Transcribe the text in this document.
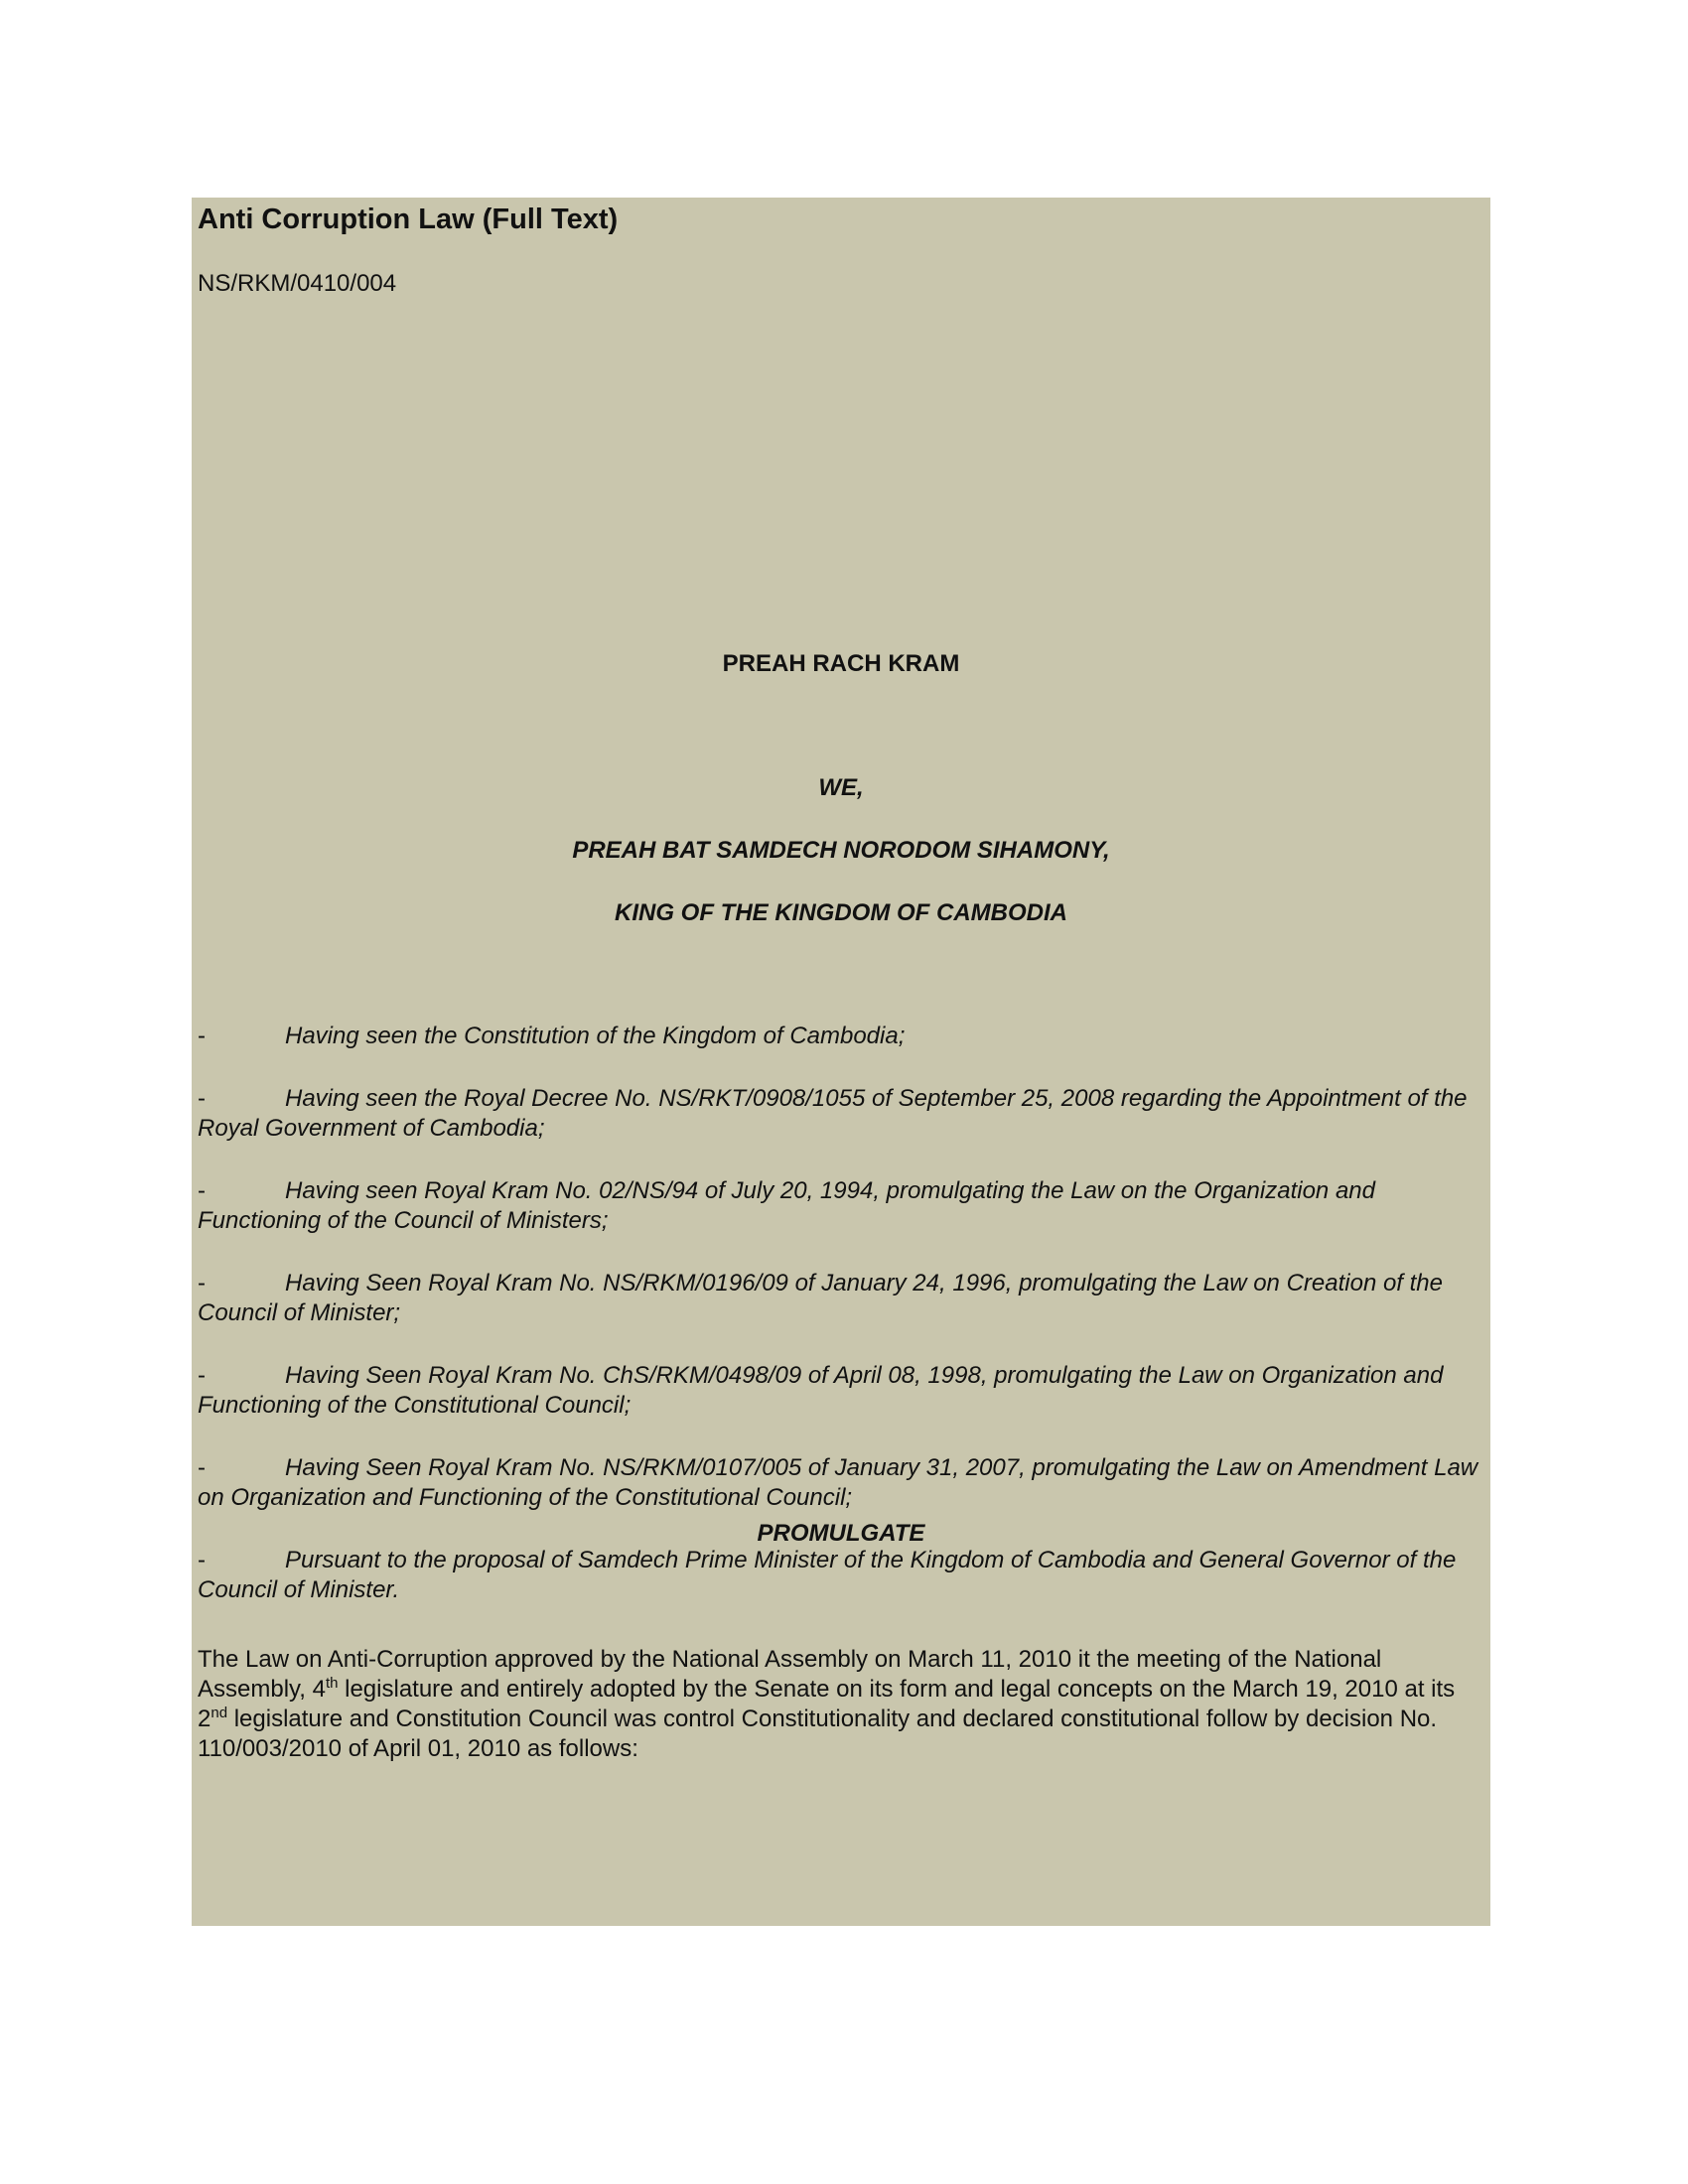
Anti Corruption Law (Full Text)
NS/RKM/0410/004
PREAH RACH KRAM
WE,
PREAH BAT SAMDECH NORODOM SIHAMONY,
KING OF THE KINGDOM OF CAMBODIA
-	Having seen the Constitution of the Kingdom of Cambodia;
-	Having seen the Royal Decree No. NS/RKT/0908/1055 of September 25, 2008 regarding the Appointment of the Royal Government of Cambodia;
-	Having seen Royal Kram No. 02/NS/94 of July 20, 1994, promulgating the Law on the Organization and Functioning of the Council of Ministers;
-	Having Seen Royal Kram No. NS/RKM/0196/09 of January 24, 1996, promulgating the Law on Creation of the Council of Minister;
-	Having Seen Royal Kram No. ChS/RKM/0498/09 of April 08, 1998, promulgating the Law on Organization and Functioning of the Constitutional Council;
-	Having Seen Royal Kram No. NS/RKM/0107/005 of January 31, 2007, promulgating the Law on Amendment Law on Organization and Functioning of the Constitutional Council;
-	Pursuant to the proposal of Samdech Prime Minister of the Kingdom of Cambodia and General Governor of the Council of Minister.
PROMULGATE

The Law on Anti-Corruption approved by the National Assembly on March 11, 2010 it the meeting of the National Assembly, 4th legislature and entirely adopted by the Senate on its form and legal concepts on the March 19, 2010 at its 2nd legislature and Constitution Council was control Constitutionality and declared constitutional follow by decision No. 110/003/2010 of April 01, 2010 as follows:
